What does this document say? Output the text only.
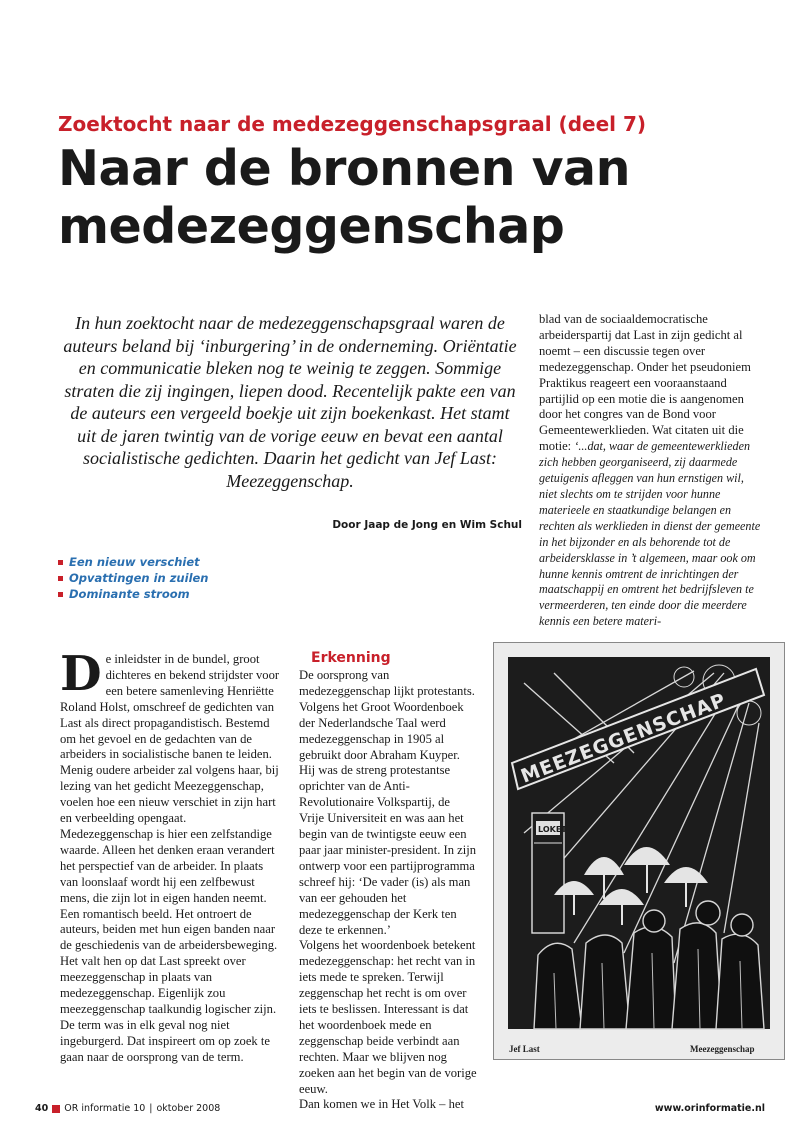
Zoektocht naar de medezeggenschapsgraal (deel 7)
Naar de bronnen van medezeggenschap

In hun zoektocht naar de medezeggenschapsgraal waren de auteurs beland bij ‘inburgering’ in de onderneming. Oriëntatie en communicatie bleken nog te weinig te zeggen. Sommige straten die zij ingingen, liepen dood. Recentelijk pakte een van de auteurs een vergeeld boekje uit zijn boekenkast. Het stamt uit de jaren twintig van de vorige eeuw en bevat een aantal socialistische gedichten. Daarin het gedicht van Jef Last: Meezeggenschap.

Door Jaap de Jong en Wim Schul
Een nieuw verschiet
Opvattingen in zuilen
Dominante stroom
blad van de sociaaldemocratische arbeiderspartij dat Last in zijn gedicht al noemt – een discussie tegen over medezeggenschap. Onder het pseudoniem Praktikus reageert een vooraanstaand partijlid op een motie die is aangenomen door het congres van de Bond voor Gemeentewerklieden. Wat citaten uit die motie: ‘...dat, waar de gemeentewerklieden zich hebben georganiseerd, zij daarmede getuigenis afleggen van hun ernstigen wil, niet slechts om te strijden voor hunne materieele en staatkundige belangen en rechten als werklieden in dienst der gemeente in het bijzonder en als behorende tot de arbeidersklasse in ’t algemeen, maar ook om hunne kennis omtrent de inrichtingen der maatschappij en omtrent het bedrijfsleven te vermeerderen, ten einde door die meerdere kennis een betere materi-
De inleidster in de bundel, groot dichteres en bekend strijdster voor een betere samenleving Henriëtte Roland Holst, omschreef de gedichten van Last als direct propagandistisch. Bestemd om het gevoel en de gedachten van de arbeiders in socialistische banen te leiden. Menig oudere arbeider zal volgens haar, bij lezing van het gedicht Meezeggenschap, voelen hoe een nieuw verschiet in zijn hart en verbeelding opengaat. Medezeggenschap is hier een zelfstandige waarde. Alleen het denken eraan verandert het perspectief van de arbeider. In plaats van loonslaaf wordt hij een zelfbewust mens, die zijn lot in eigen handen neemt. Een romantisch beeld. Het ontroert de auteurs, beiden met hun eigen banden naar de geschiedenis van de arbeidersbeweging. Het valt hen op dat Last spreekt over meezeggenschap in plaats van medezeggenschap. Eigenlijk zou meezeggenschap taalkundig logischer zijn. De term was in elk geval nog niet ingeburgerd. Dat inspireert om op zoek te gaan naar de oorsprong van de term.
Erkenning

De oorsprong van medezeggenschap lijkt protestants. Volgens het Groot Woordenboek der Nederlandsche Taal werd medezeggenschap in 1905 al gebruikt door Abraham Kuyper. Hij was de streng protestantse oprichter van de Anti-Revolutionaire Volkspartij, de Vrije Universiteit en was aan het begin van de twintigste eeuw een paar jaar minister-president. In zijn ontwerp voor een partijprogramma schreef hij: ‘De vader (is) als man van eer gehouden het medezeggenschap der Kerk ten deze te erkennen.’

Volgens het woordenboek betekent medezeggenschap: het recht van in iets mede te spreken. Terwijl zeggenschap het recht is om over iets te beslissen. Interessant is dat het woordenboek mede en zeggenschap beide verbindt aan rechten. Maar we blijven nog zoeken aan het begin van de vorige eeuw.

Dan komen we in Het Volk – het

MEEZEGGENSCHAP
LOKET
Jef Last	Meezeggenschap
40 OR informatie 10 | oktober 2008	www.orinformatie.nl
